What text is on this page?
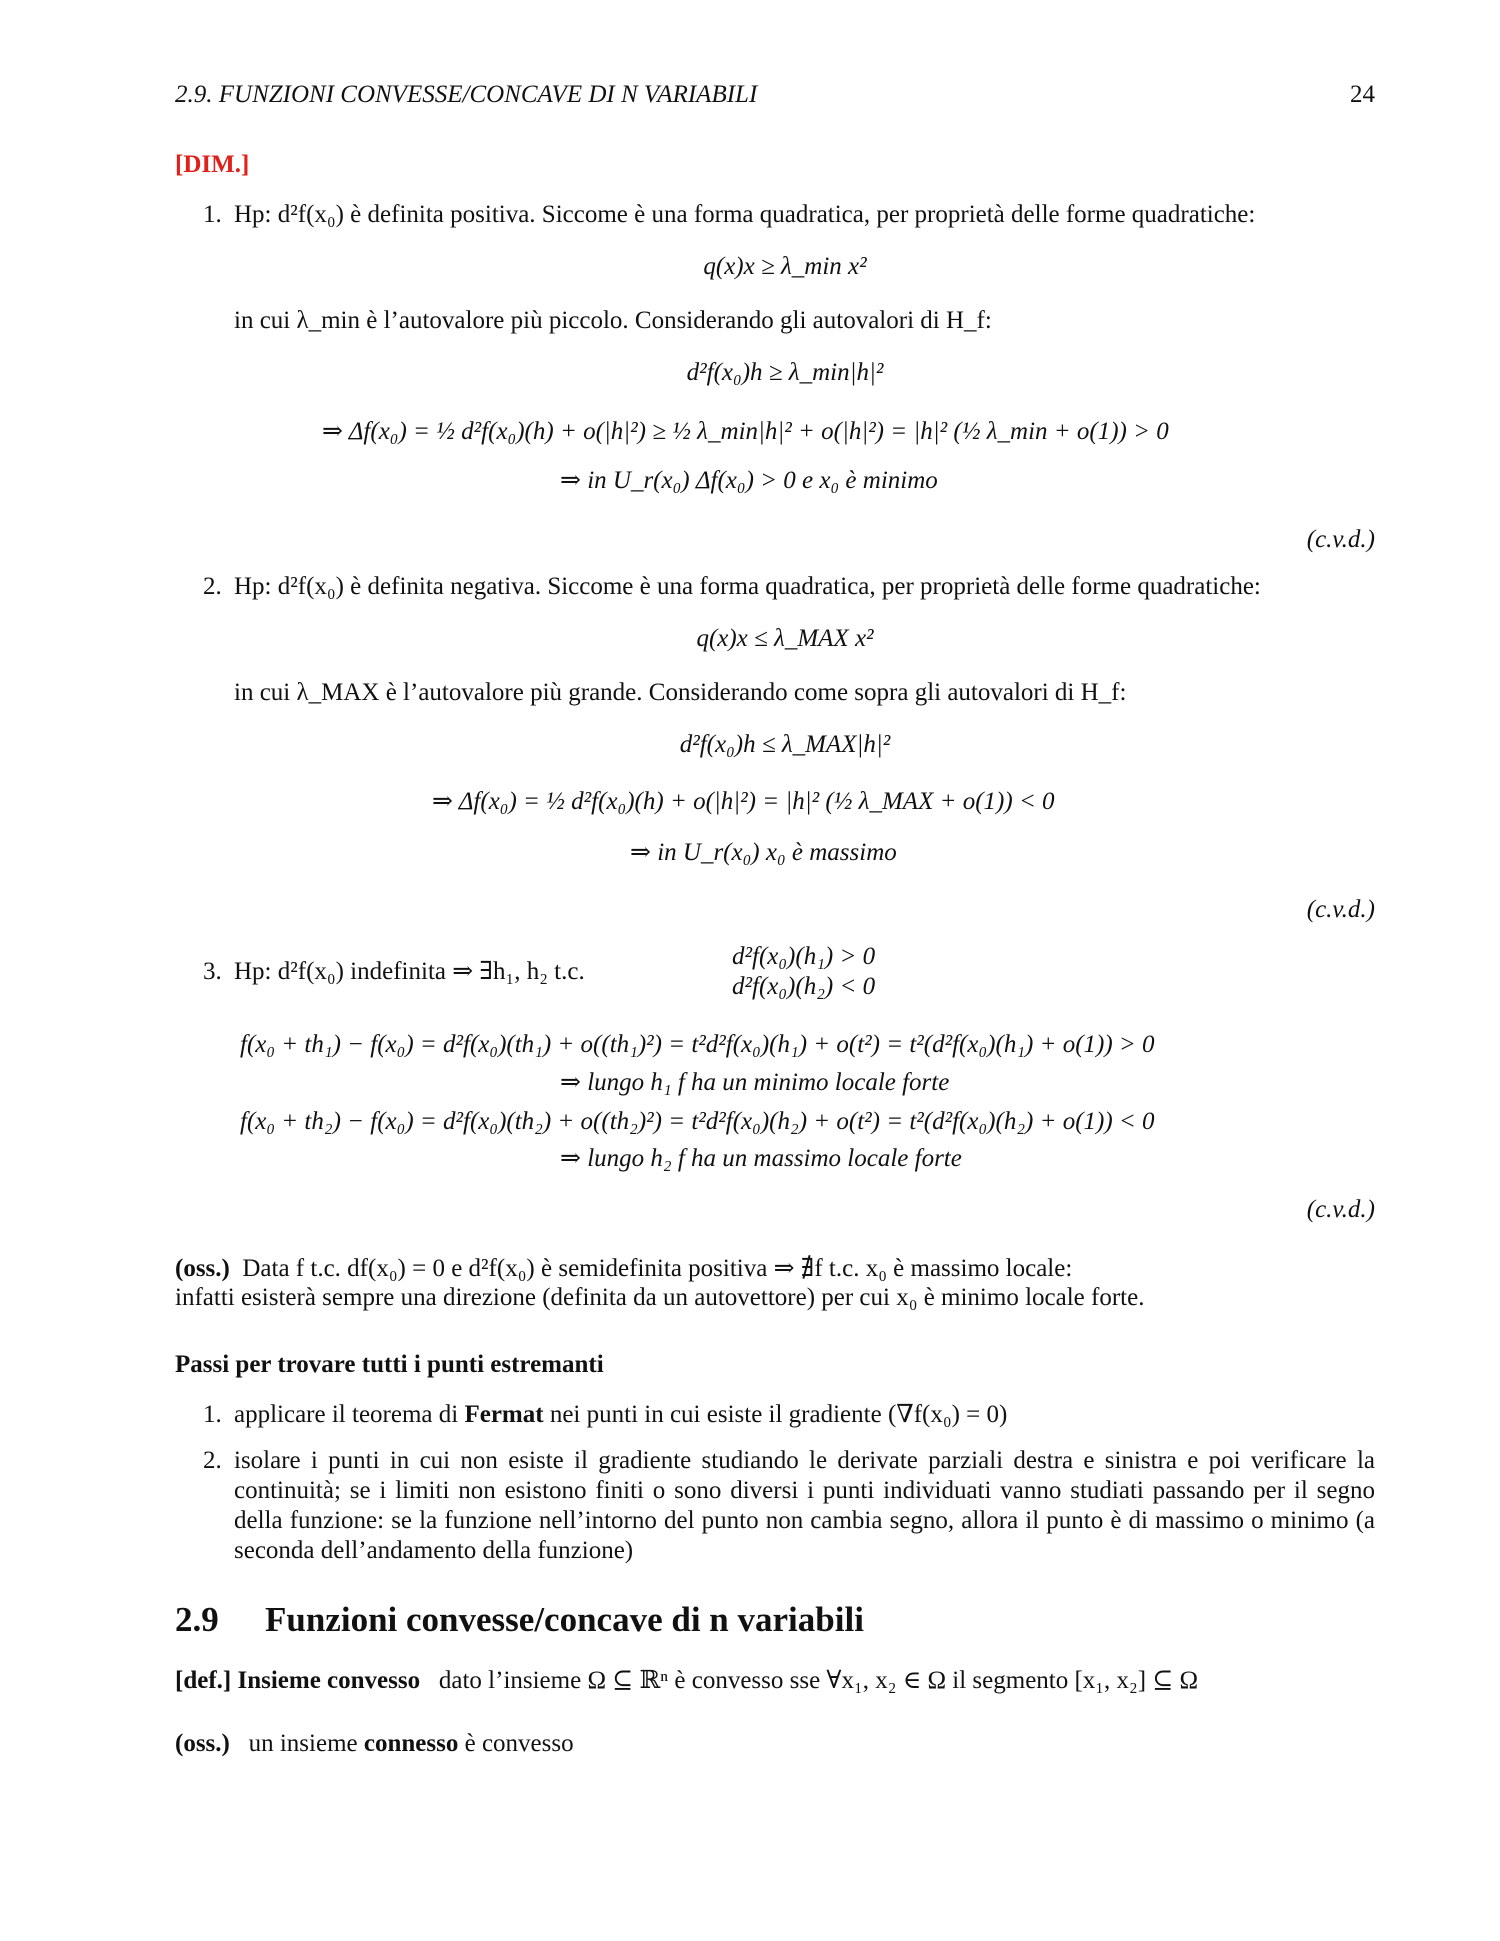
2.9. FUNZIONI CONVESSE/CONCAVE DI N VARIABILI	24
[DIM.]
1. Hp: d²f(x₀) è definita positiva. Siccome è una forma quadratica, per proprietà delle forme quadratiche:
q(x)x ≥ λ_min x²
in cui λ_min è l’autovalore più piccolo. Considerando gli autovalori di H_f:
d²f(x₀)h ≥ λ_min|h|²
⇒ Δf(x₀) = ½ d²f(x₀)(h) + o(|h|²) ≥ ½ λ_min|h|² + o(|h|²) = |h|² (½ λ_min + o(1)) > 0
⇒ in U_r(x₀) Δf(x₀) > 0 e x₀ è minimo
(c.v.d.)
2. Hp: d²f(x₀) è definita negativa. Siccome è una forma quadratica, per proprietà delle forme quadratiche:
q(x)x ≤ λ_MAX x²
in cui λ_MAX è l’autovalore più grande. Considerando come sopra gli autovalori di H_f:
d²f(x₀)h ≤ λ_MAX|h|²
⇒ Δf(x₀) = ½ d²f(x₀)(h) + o(|h|²) = |h|² (½ λ_MAX + o(1)) < 0
⇒ in U_r(x₀) x₀ è massimo
(c.v.d.)
3. Hp: d²f(x₀) indefinita ⇒ ∃h₁, h₂ t.c.
d²f(x₀)(h₁) > 0
d²f(x₀)(h₂) < 0
f(x₀ + th₁) − f(x₀) = d²f(x₀)(th₁) + o((th₁)²) = t²d²f(x₀)(h₁) + o(t²) = t²(d²f(x₀)(h₁) + o(1)) > 0
⇒ lungo h₁ f ha un minimo locale forte
f(x₀ + th₂) − f(x₀) = d²f(x₀)(th₂) + o((th₂)²) = t²d²f(x₀)(h₂) + o(t²) = t²(d²f(x₀)(h₂) + o(1)) < 0
⇒ lungo h₂ f ha un massimo locale forte
(c.v.d.)
(oss.) Data f t.c. df(x₀) = 0 e d²f(x₀) è semidefinita positiva ⇒ ∄f t.c. x₀ è massimo locale:
infatti esisterà sempre una direzione (definita da un autovettore) per cui x₀ è minimo locale forte.
Passi per trovare tutti i punti estremanti
1. applicare il teorema di Fermat nei punti in cui esiste il gradiente (∇f(x₀) = 0)
2. isolare i punti in cui non esiste il gradiente studiando le derivate parziali destra e sinistra e poi verificare la continuità; se i limiti non esistono finiti o sono diversi i punti individuati vanno studiati passando per il segno della funzione: se la funzione nell’intorno del punto non cambia segno, allora il punto è di massimo o minimo (a seconda dell’andamento della funzione)
2.9 Funzioni convesse/concave di n variabili
[def.] Insieme convesso dato l’insieme Ω ⊆ ℝⁿ è convesso sse ∀x₁, x₂ ∈ Ω il segmento [x₁, x₂] ⊆ Ω
(oss.) un insieme connesso è convesso
